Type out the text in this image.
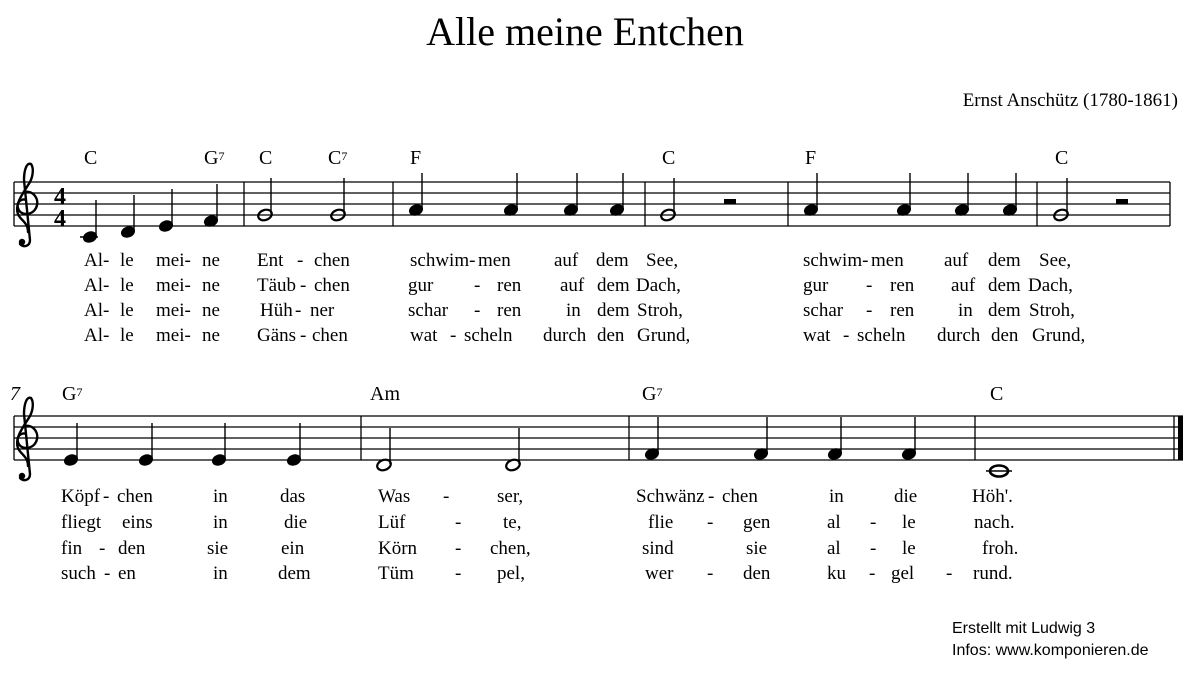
Alle meine Entchen
Ernst Anschütz (1780-1861)
4
4
C	$G^7$ C	$C^7$	F	C	F	C
7 $G^7$	Am	$G^7$	C
Al- le mei- ne Ent - chen	schwim- men auf dem See,	schwim- men auf dem See,
Al- le mei- ne Täub - chen	gur - ren auf dem Dach,	gur - ren auf dem Dach,
Al- le mei- ne Hüh - ner	schar - ren in dem Stroh,	schar - ren in dem Stroh,
Al- le mei- ne Gäns - chen	wat - scheln durch den Grund,	wat - scheln durch den Grund,
Köpf - chen	in	das	Was -	ser,	Schwänz - chen	in	die	Höh'.
fliegt eins	in	die	Lüf	- te,	flie - gen	al - le	nach.
fin - den	sie	ein	Körn - chen,	sind	sie	al - le	froh.
such - en	in	dem	Tüm - pel,	wer - den	ku - gel - rund.
Erstellt mit Ludwig 3
Infos: www.komponieren.de
